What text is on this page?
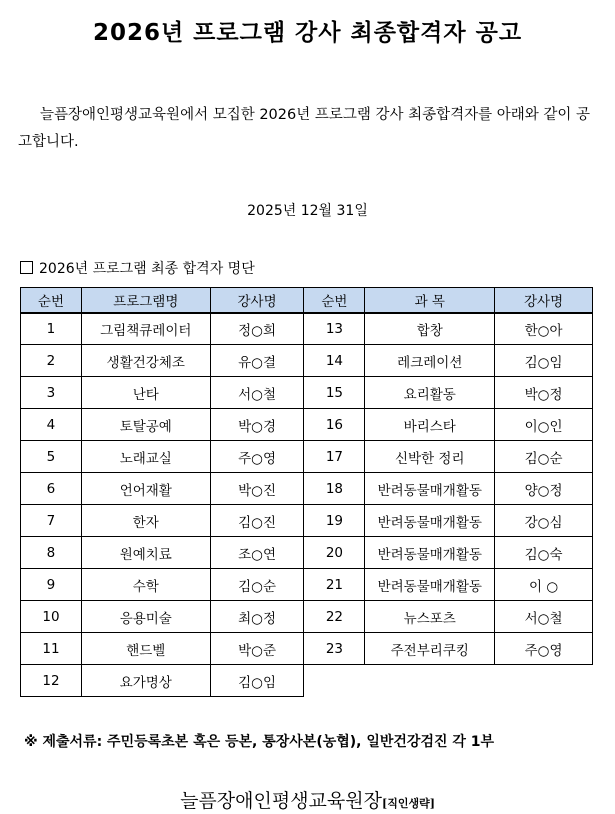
2026년 프로그램 강사 최종합격자 공고
늘픔장애인평생교육원에서 모집한 2026년 프로그램 강사 최종합격자를 아래와 같이 공고합니다.
2025년 12월 31일
2026년 프로그램 최종 합격자 명단
순번	프로그램명	강사명	순번	과 목	강사명
1	그림책큐레이터	정○희	13	합창	한○아
2	생활건강체조	유○결	14	레크레이션	김○임
3	난타	서○철	15	요리활동	박○정
4	토탈공예	박○경	16	바리스타	이○인
5	노래교실	주○영	17	신박한 정리	김○순
6	언어재활	박○진	18	반려동물매개활동	양○정
7	한자	김○진	19	반려동물매개활동	강○심
8	원예치료	조○연	20	반려동물매개활동	김○숙
9	수학	김○순	21	반려동물매개활동	이 ○
10	응용미술	최○정	22	뉴스포츠	서○철
11	핸드벨	박○준	23	주전부리쿠킹	주○영
12	요가명상	김○임			
※ 제출서류: 주민등록초본 혹은 등본, 통장사본(농협), 일반건강검진 각 1부
늘픔장애인평생교육원장[직인생략]
